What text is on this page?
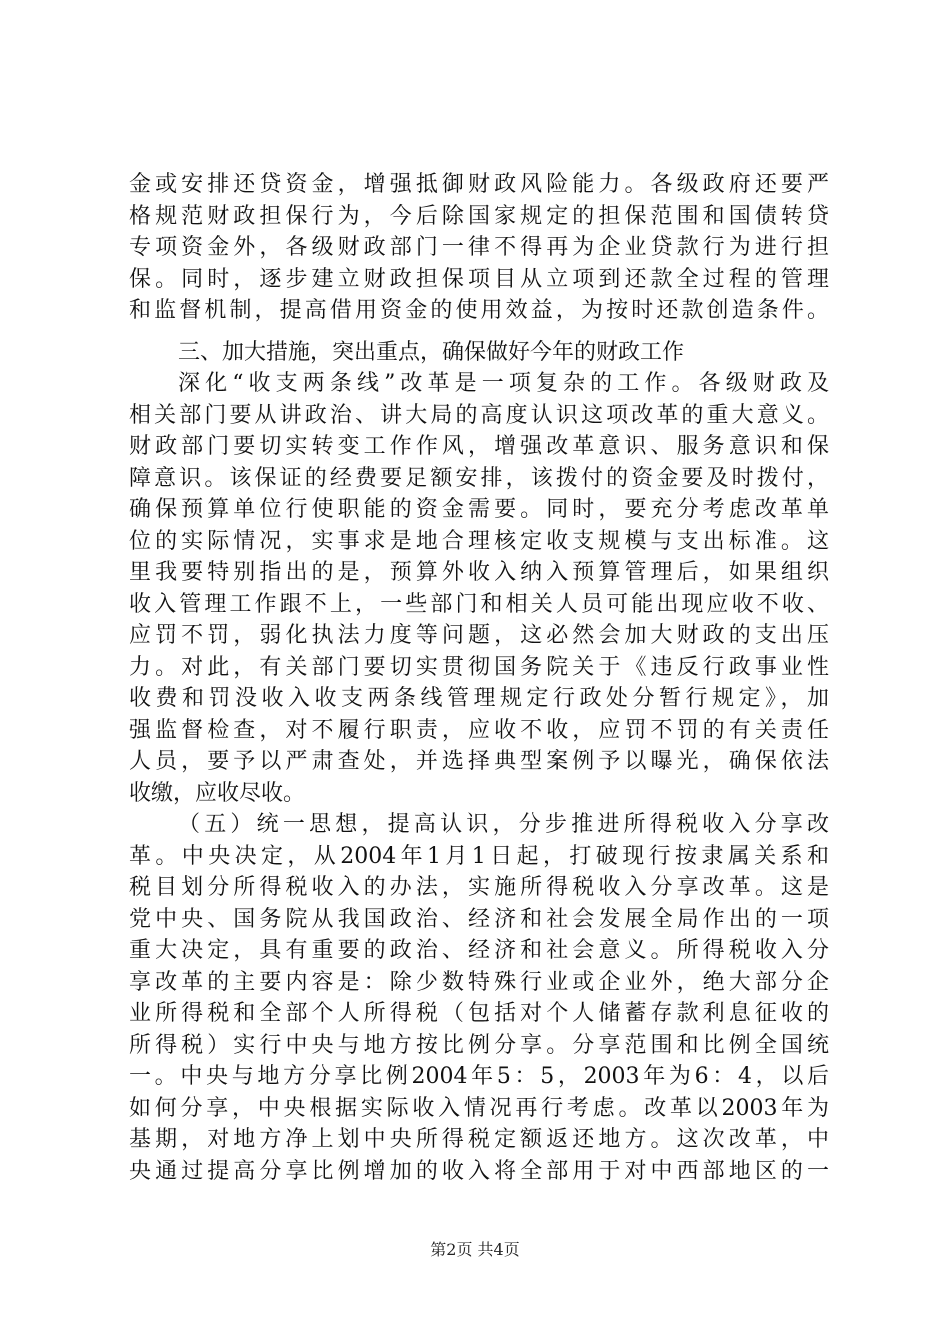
金或安排还贷资金，增强抵御财政风险能力。各级政府还要严
格规范财政担保行为，今后除国家规定的担保范围和国债转贷
专项资金外，各级财政部门一律不得再为企业贷款行为进行担
保。同时，逐步建立财政担保项目从立项到还款全过程的管理
和监督机制，提高借用资金的使用效益，为按时还款创造条件。
三、加大措施，突出重点，确保做好今年的财政工作
深化“收支两条线”改革是一项复杂的工作。各级财政及
相关部门要从讲政治、讲大局的高度认识这项改革的重大意义。
财政部门要切实转变工作作风，增强改革意识、服务意识和保
障意识。该保证的经费要足额安排，该拨付的资金要及时拨付，
确保预算单位行使职能的资金需要。同时，要充分考虑改革单
位的实际情况，实事求是地合理核定收支规模与支出标准。这
里我要特别指出的是，预算外收入纳入预算管理后，如果组织
收入管理工作跟不上，一些部门和相关人员可能出现应收不收、
应罚不罚，弱化执法力度等问题，这必然会加大财政的支出压
力。对此，有关部门要切实贯彻国务院关于《违反行政事业性
收费和罚没收入收支两条线管理规定行政处分暂行规定》，加
强监督检查，对不履行职责，应收不收，应罚不罚的有关责任
人员，要予以严肃查处，并选择典型案例予以曝光，确保依法
收缴，应收尽收。
（五）统一思想，提高认识，分步推进所得税收入分享改
革。中央决定，从2004年1月1日起，打破现行按隶属关系和
税目划分所得税收入的办法，实施所得税收入分享改革。这是
党中央、国务院从我国政治、经济和社会发展全局作出的一项
重大决定，具有重要的政治、经济和社会意义。所得税收入分
享改革的主要内容是：除少数特殊行业或企业外，绝大部分企
业所得税和全部个人所得税（包括对个人储蓄存款利息征收的
所得税）实行中央与地方按比例分享。分享范围和比例全国统
一。中央与地方分享比例2004年5：5，2003年为6：4，以后
如何分享，中央根据实际收入情况再行考虑。改革以2003年为
基期，对地方净上划中央所得税定额返还地方。这次改革，中
央通过提高分享比例增加的收入将全部用于对中西部地区的一
第2页 共4页
